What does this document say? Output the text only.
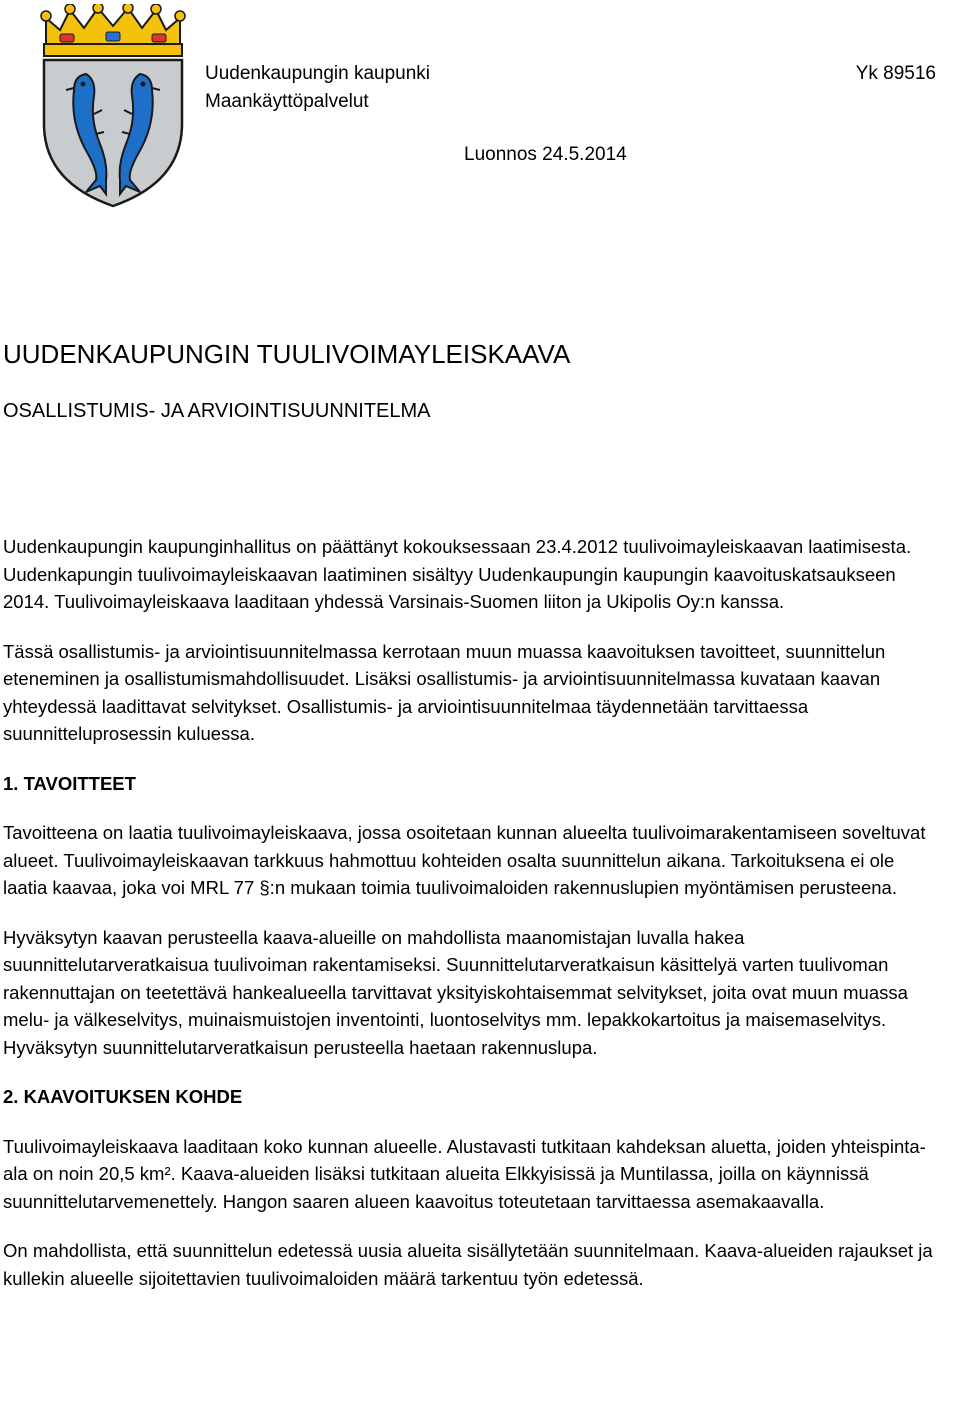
Uudenkaupungin kaupunki
Maankäyttöpalvelut
Yk 89516
Luonnos 24.5.2014
UUDENKAUPUNGIN TUULIVOIMAYLEISKAAVA
OSALLISTUMIS- JA ARVIOINTISUUNNITELMA

Uudenkaupungin kaupunginhallitus on päättänyt kokouksessaan 23.4.2012 tuulivoimayleiskaavan laatimisesta. Uudenkapungin tuulivoimayleiskaavan laatiminen sisältyy Uudenkaupungin kaupungin kaavoituskatsaukseen 2014. Tuulivoimayleiskaava laaditaan yhdessä Varsinais-Suomen liiton ja Ukipolis Oy:n kanssa.

Tässä osallistumis- ja arviointisuunnitelmassa kerrotaan muun muassa kaavoituksen tavoitteet, suunnittelun eteneminen ja osallistumismahdollisuudet. Lisäksi osallistumis- ja arviointisuunnitelmassa kuvataan kaavan yhteydessä laadittavat selvitykset. Osallistumis- ja arviointisuunnitelmaa täydennetään tarvittaessa suunnitteluprosessin kuluessa.

1. TAVOITTEET

Tavoitteena on laatia tuulivoimayleiskaava, jossa osoitetaan kunnan alueelta tuulivoimarakentamiseen soveltuvat alueet. Tuulivoimayleiskaavan tarkkuus hahmottuu kohteiden osalta suunnittelun aikana. Tarkoituksena ei ole laatia kaavaa, joka voi MRL 77 §:n mukaan toimia tuulivoimaloiden rakennuslupien myöntämisen perusteena.

Hyväksytyn kaavan perusteella kaava-alueille on mahdollista maanomistajan luvalla hakea suunnittelutarveratkaisua tuulivoiman rakentamiseksi. Suunnittelutarveratkaisun käsittelyä varten tuulivoman rakennuttajan on teetettävä hankealueella tarvittavat yksityiskohtaisemmat selvitykset, joita ovat muun muassa melu- ja välkeselvitys, muinaismuistojen inventointi, luontoselvitys mm. lepakkokartoitus ja maisemaselvitys. Hyväksytyn suunnittelutarveratkaisun perusteella haetaan rakennuslupa.

2. KAAVOITUKSEN KOHDE

Tuulivoimayleiskaava laaditaan koko kunnan alueelle. Alustavasti tutkitaan kahdeksan aluetta, joiden yhteispinta-ala on noin 20,5 km². Kaava-alueiden lisäksi tutkitaan alueita Elkkyisissä ja Muntilassa, joilla on käynnissä suunnittelutarvemenettely. Hangon saaren alueen kaavoitus toteutetaan tarvittaessa asemakaavalla.

On mahdollista, että suunnittelun edetessä uusia alueita sisällytetään suunnitelmaan. Kaava-alueiden rajaukset ja kullekin alueelle sijoitettavien tuulivoimaloiden määrä tarkentuu työn edetessä.
